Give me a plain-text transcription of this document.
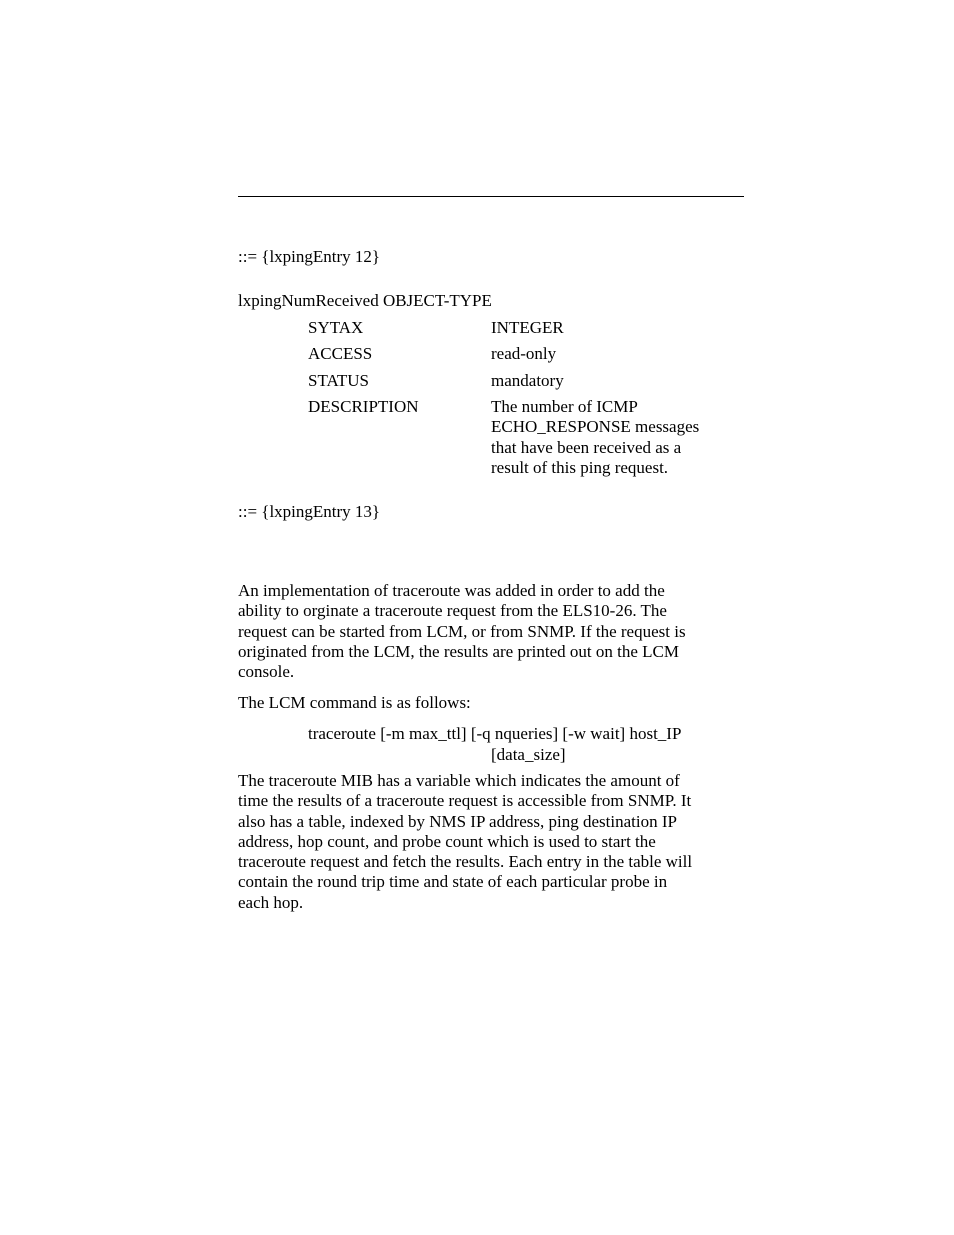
::= {lxpingEntry 12}
lxpingNumReceived OBJECT-TYPE
SYTAX	INTEGER
ACCESS	read-only
STATUS	mandatory
DESCRIPTION	The number of ICMP
ECHO_RESPONSE messages
that have been received as a
result of this ping request.
::= {lxpingEntry 13}
An implementation of traceroute was added in order to add the
ability to orginate a traceroute request from the ELS10-26. The
request can be started from LCM, or from SNMP. If the request is
originated from the LCM, the results are printed out on the LCM
console.
The LCM command is as follows:
traceroute [-m max_ttl] [-q nqueries] [-w wait] host_IP
[data_size]
The traceroute MIB has a variable which indicates the amount of
time the results of a traceroute request is accessible from SNMP. It
also has a table, indexed by NMS IP address, ping destination IP
address, hop count, and probe count which is used to start the
traceroute request and fetch the results. Each entry in the table will
contain the round trip time and state of each particular probe in
each hop.
